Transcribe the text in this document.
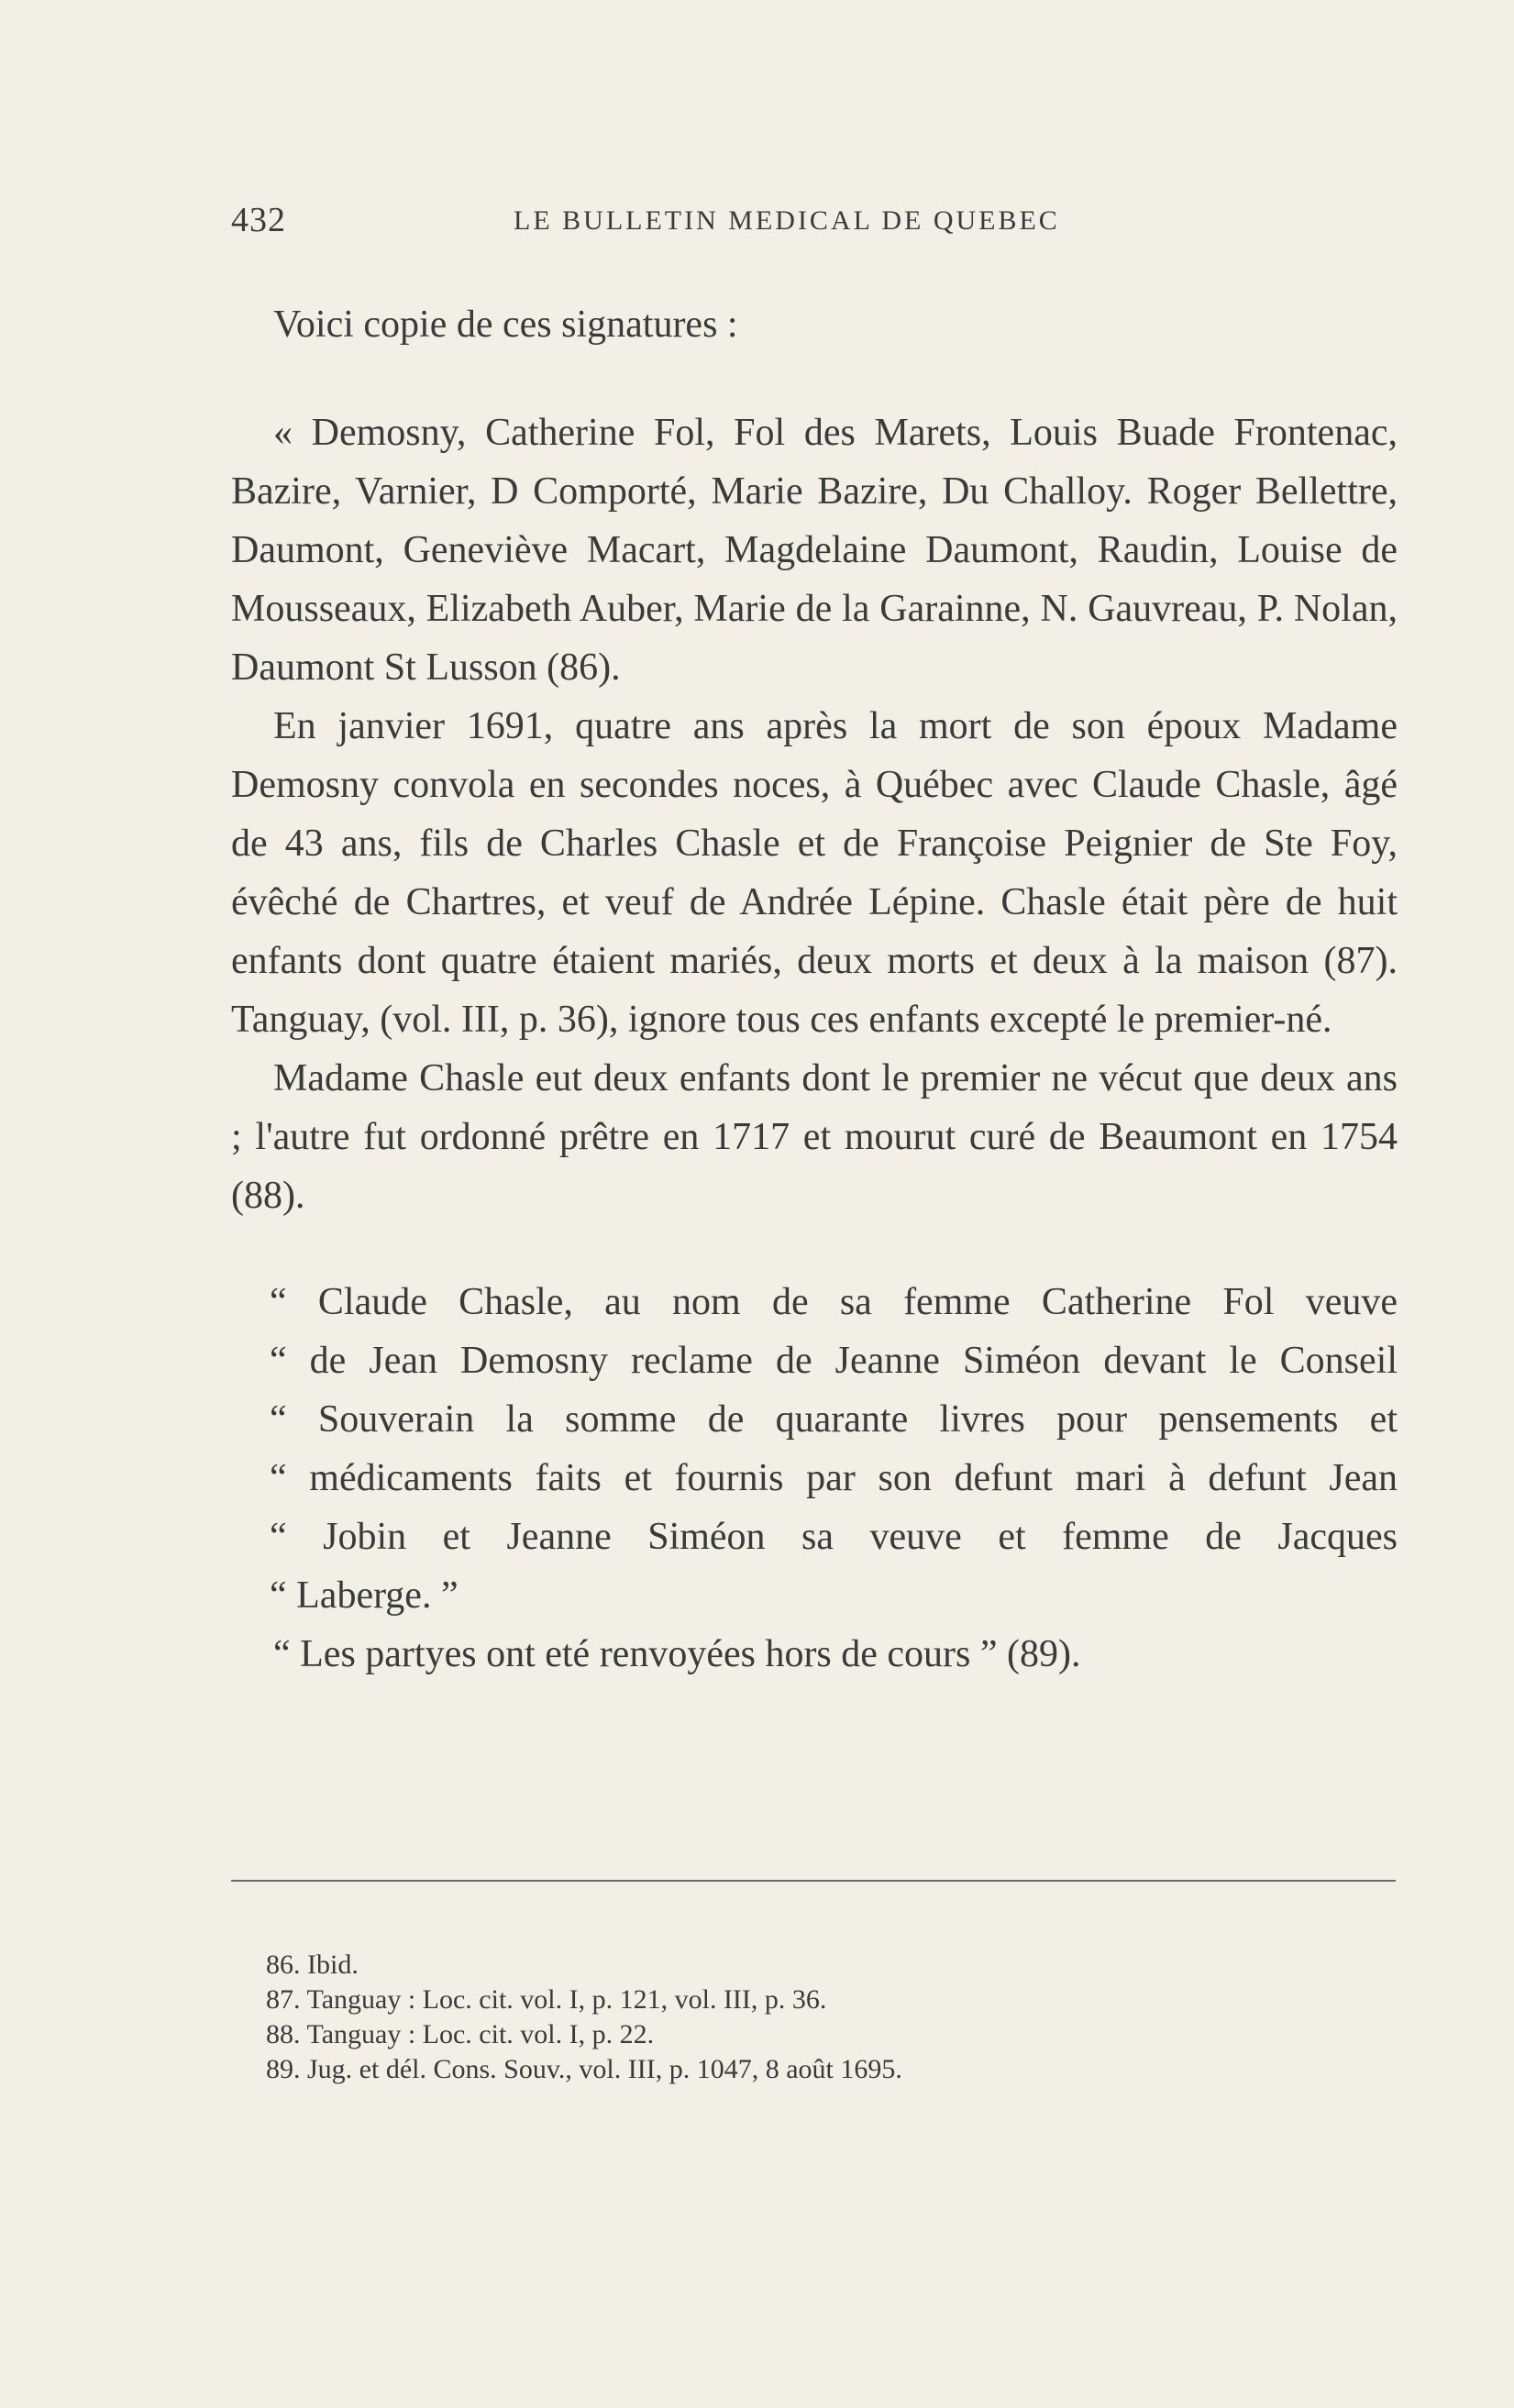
432	LE BULLETIN MEDICAL DE QUEBEC

Voici copie de ces signatures :

« Demosny, Catherine Fol, Fol des Marets, Louis Buade Frontenac, Bazire, Varnier, D Comporté, Marie Bazire, Du Challoy. Roger Bellettre, Daumont, Geneviève Macart, Magdelaine Daumont, Raudin, Louise de Mousseaux, Elizabeth Auber, Marie de la Garainne, N. Gauvreau, P. Nolan, Daumont St Lusson (86).

En janvier 1691, quatre ans après la mort de son époux Madame Demosny convola en secondes noces, à Québec avec Claude Chasle, âgé de 43 ans, fils de Charles Chasle et de Françoise Peignier de Ste Foy, évêché de Chartres, et veuf de Andrée Lépine. Chasle était père de huit enfants dont quatre étaient mariés, deux morts et deux à la maison (87). Tanguay, (vol. III, p. 36), ignore tous ces enfants excepté le premier-né.

Madame Chasle eut deux enfants dont le premier ne vécut que deux ans ; l'autre fut ordonné prêtre en 1717 et mourut curé de Beaumont en 1754 (88).

“ Claude Chasle, au nom de sa femme Catherine Fol veuve
“ de Jean Demosny reclame de Jeanne Siméon devant le Conseil
“ Souverain la somme de quarante livres pour pensements et
“ médicaments faits et fournis par son defunt mari à defunt Jean
“ Jobin et Jeanne Siméon sa veuve et femme de Jacques
“ Laberge. ”

“ Les partyes ont eté renvoyées hors de cours ” (89).

86. Ibid.
87. Tanguay : Loc. cit. vol. I, p. 121, vol. III, p. 36.
88. Tanguay : Loc. cit. vol. I, p. 22.
89. Jug. et dél. Cons. Souv., vol. III, p. 1047, 8 août 1695.
